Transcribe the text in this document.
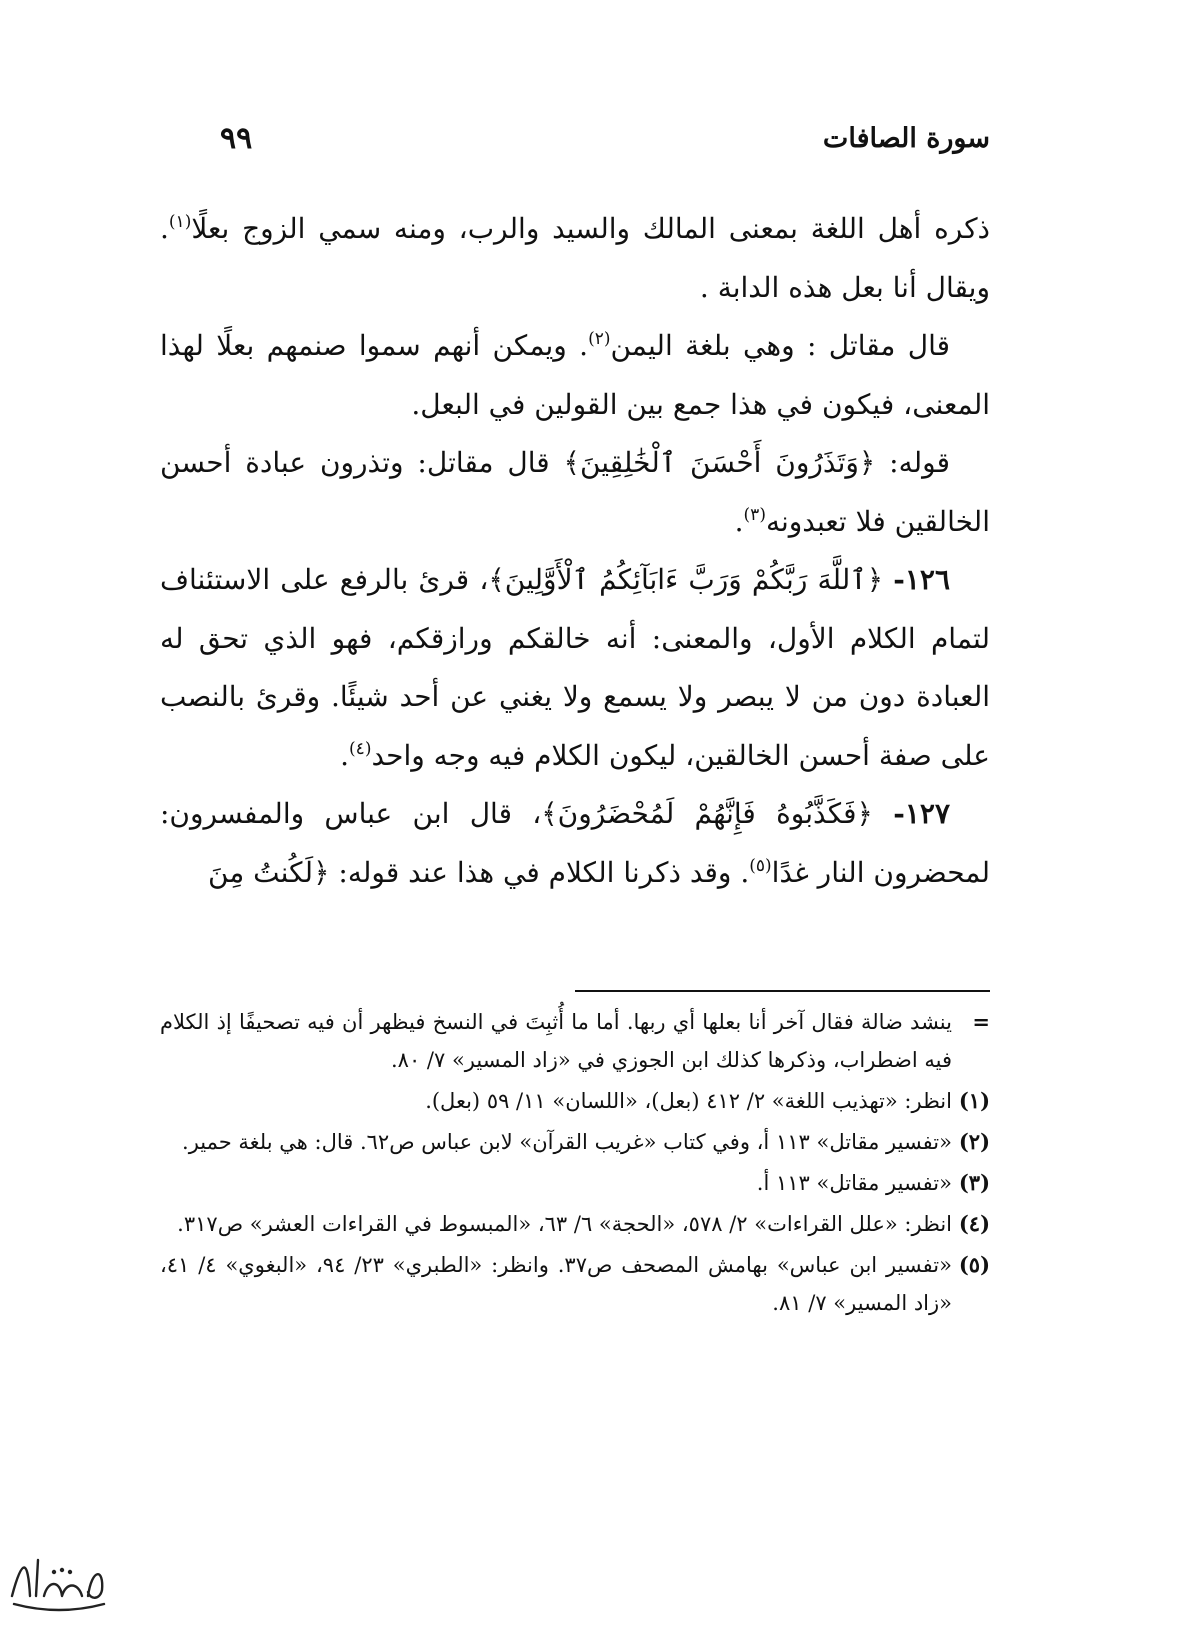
سورة الصافات
٩٩

ذكره أهل اللغة بمعنى المالك والسيد والرب، ومنه سمي الزوج بعلًا$^{(١)}$. ويقال أنا بعل هذه الدابة .

قال مقاتل : وهي بلغة اليمن$^{(٢)}$. ويمكن أنهم سموا صنمهم بعلًا لهذا المعنى، فيكون في هذا جمع بين القولين في البعل.

قوله: ﴿وَتَذَرُونَ أَحْسَنَ ٱلْخَٰلِقِينَ﴾ قال مقاتل: وتذرون عبادة أحسن الخالقين فلا تعبدونه$^{(٣)}$.

١٢٦- ﴿ٱللَّهَ رَبَّكُمْ وَرَبَّ ءَابَآئِكُمُ ٱلْأَوَّلِينَ﴾، قرئ بالرفع على الاستئناف لتمام الكلام الأول، والمعنى: أنه خالقكم ورازقكم، فهو الذي تحق له العبادة دون من لا يبصر ولا يسمع ولا يغني عن أحد شيئًا. وقرئ بالنصب على صفة أحسن الخالقين، ليكون الكلام فيه وجه واحد$^{(٤)}$.

١٢٧- ﴿فَكَذَّبُوهُ فَإِنَّهُمْ لَمُحْضَرُونَ﴾، قال ابن عباس والمفسرون: لمحضرون النار غدًا$^{(٥)}$. وقد ذكرنا الكلام في هذا عند قوله: ﴿لَكُنتُ مِنَ

=
ينشد ضالة فقال آخر أنا بعلها أي ربها. أما ما أُثبِتَ في النسخ فيظهر أن فيه تصحيفًا إذ الكلام فيه اضطراب، وذكرها كذلك ابن الجوزي في «زاد المسير» ٧/ ٨٠.
(١)
انظر: «تهذيب اللغة» ٢/ ٤١٢ (بعل)، «اللسان» ١١/ ٥٩ (بعل).
(٢)
«تفسير مقاتل» ١١٣ أ، وفي كتاب «غريب القرآن» لابن عباس ص٦٢. قال: هي بلغة حمير.
(٣)
«تفسير مقاتل» ١١٣ أ.
(٤)
انظر: «علل القراءات» ٢/ ٥٧٨، «الحجة» ٦/ ٦٣، «المبسوط في القراءات العشر» ص٣١٧.
(٥)
«تفسير ابن عباس» بهامش المصحف ص٣٧. وانظر: «الطبري» ٢٣/ ٩٤، «البغوي» ٤/ ٤١، «زاد المسير» ٧/ ٨١.
